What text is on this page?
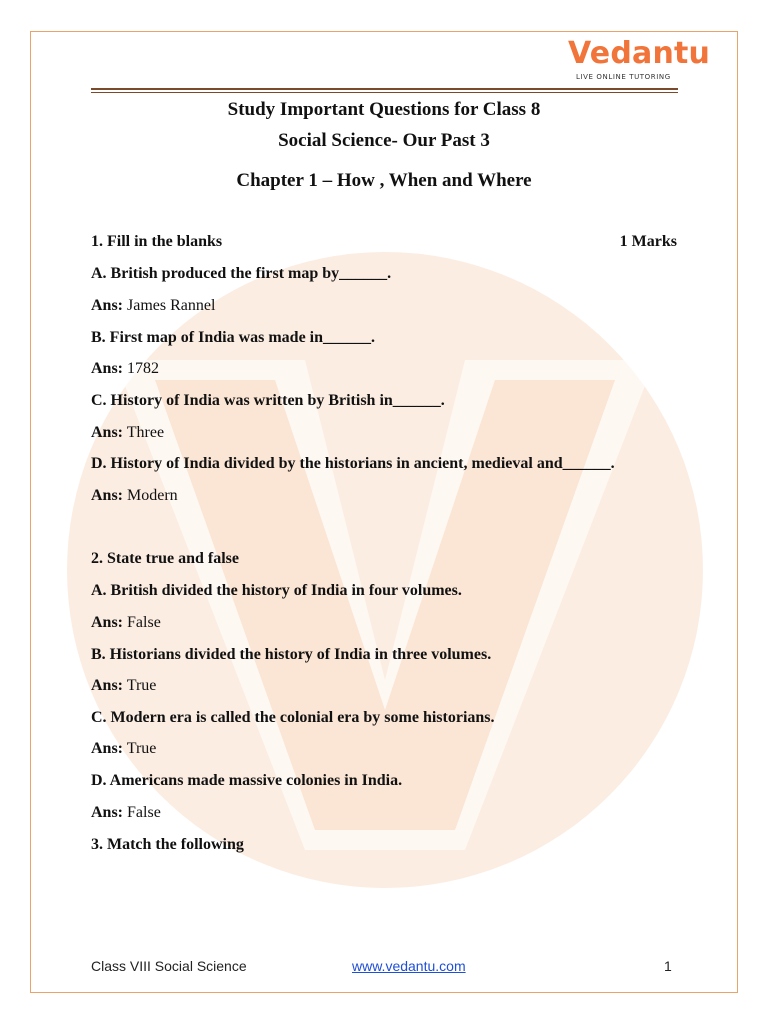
Vedantu
LIVE ONLINE TUTORING
Study Important Questions for Class 8
Social Science- Our Past 3
Chapter 1 – How , When and Where
1. Fill in the blanks	1 Marks
A. British produced the first map by______.
Ans: James Rannel
B. First map of India was made in______.
Ans: 1782
C. History of India was written by British in______.
Ans: Three
D. History of India divided by the historians in ancient, medieval and______.
Ans: Modern
2. State true and false
A. British divided the history of India in four volumes.
Ans: False
B. Historians divided the history of India in three volumes.
Ans: True
C. Modern era is called the colonial era by some historians.
Ans: True
D. Americans made massive colonies in India.
Ans: False
3. Match the following
Class VIII Social Science	www.vedantu.com	1
